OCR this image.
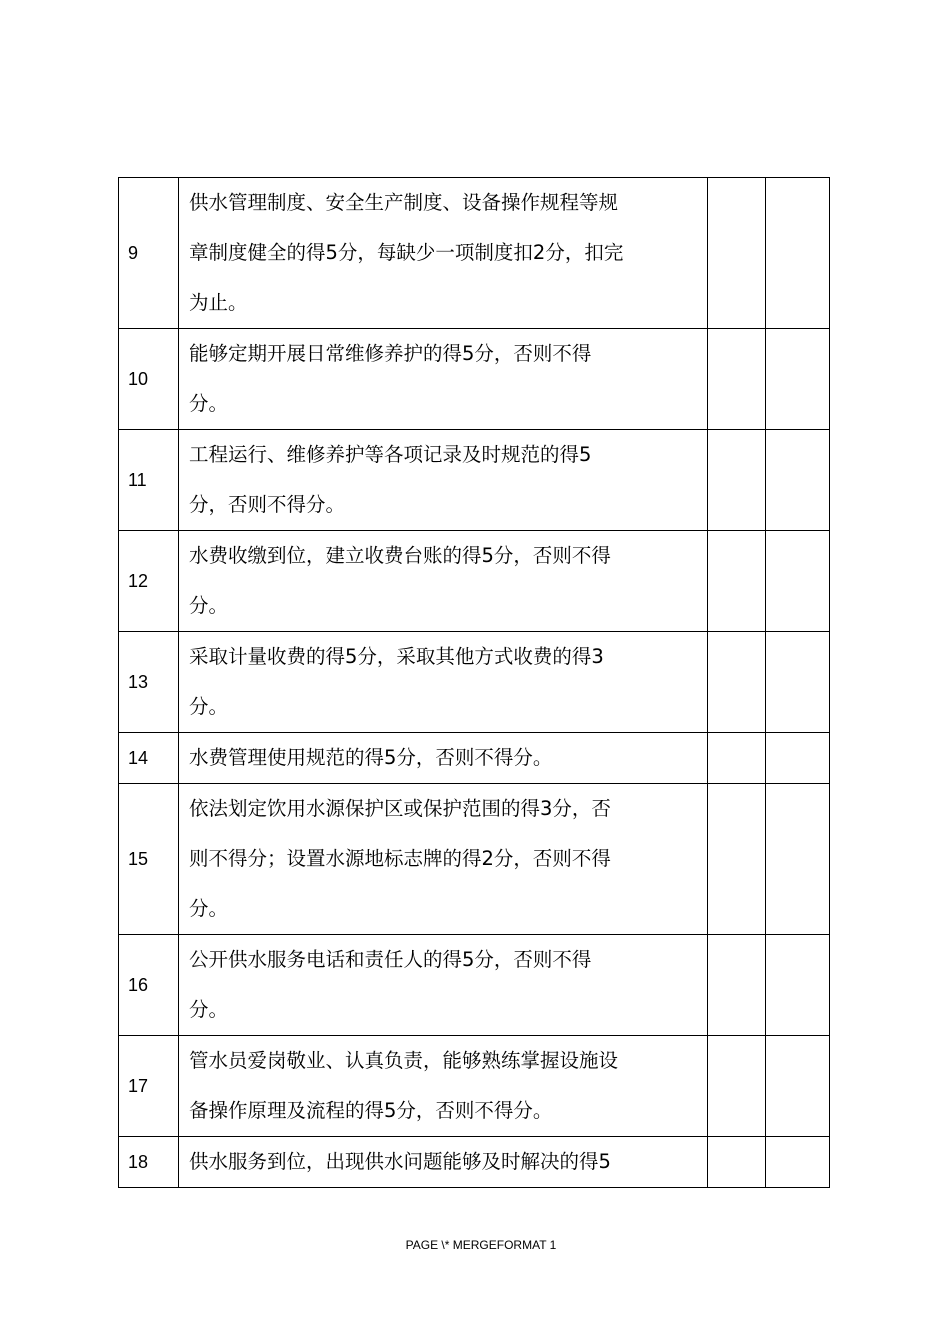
9	供水管理制度、安全生产制度、设备操作规程等规
章制度健全的得5分，每缺少一项制度扣2分，扣完
为止。		

10	能够定期开展日常维修养护的得5分，否则不得
分。		

11	工程运行、维修养护等各项记录及时规范的得5
分，否则不得分。		

12	水费收缴到位，建立收费台账的得5分，否则不得
分。		

13	采取计量收费的得5分，采取其他方式收费的得3
分。		

14	水费管理使用规范的得5分，否则不得分。		

15	依法划定饮用水源保护区或保护范围的得3分，否
则不得分；设置水源地标志牌的得2分，否则不得
分。		

16	公开供水服务电话和责任人的得5分，否则不得
分。		

17	管水员爱岗敬业、认真负责，能够熟练掌握设施设
备操作原理及流程的得5分，否则不得分。		

18	供水服务到位，出现供水问题能够及时解决的得5		

PAGE \* MERGEFORMAT 1
